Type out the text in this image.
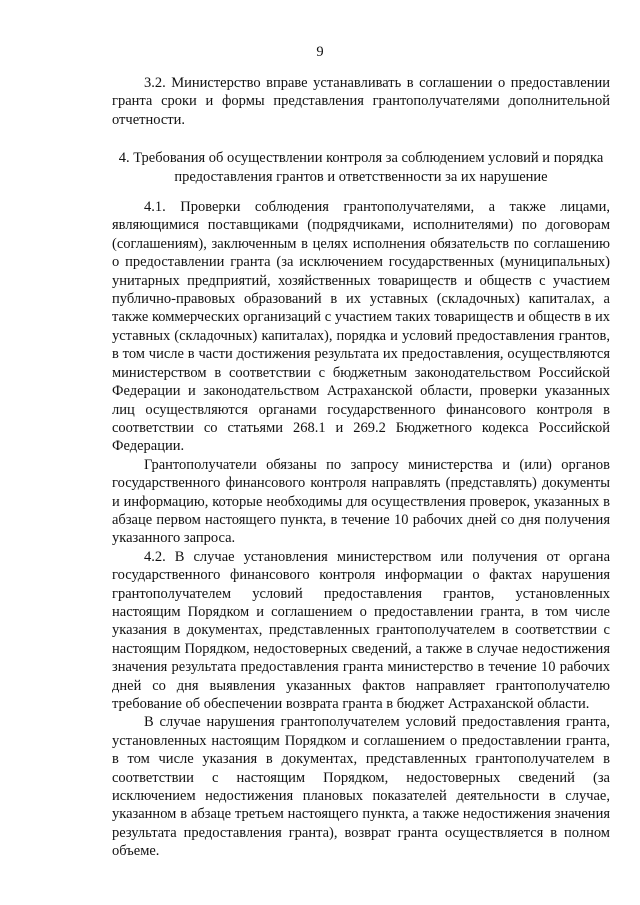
9

3.2. Министерство вправе устанавливать в соглашении о предоставлении гранта сроки и формы представления грантополучателями дополнительной отчетности.

4. Требования об осуществлении контроля за соблюдением условий и порядка предоставления грантов и ответственности за их нарушение

4.1. Проверки соблюдения грантополучателями, а также лицами, являющимися поставщиками (подрядчиками, исполнителями) по договорам (соглашениям), заключенным в целях исполнения обязательств по соглашению о предоставлении гранта (за исключением государственных (муниципальных) унитарных предприятий, хозяйственных товариществ и обществ с участием публично-правовых образований в их уставных (складочных) капиталах, а также коммерческих организаций с участием таких товариществ и обществ в их уставных (складочных) капиталах), порядка и условий предоставления грантов, в том числе в части достижения результата их предоставления, осуществляются министерством в соответствии с бюджетным законодательством Российской Федерации и законодательством Астраханской области, проверки указанных лиц осуществляются органами государственного финансового контроля в соответствии со статьями 268.1 и 269.2 Бюджетного кодекса Российской Федерации.

Грантополучатели обязаны по запросу министерства и (или) органов государственного финансового контроля направлять (представлять) документы и информацию, которые необходимы для осуществления проверок, указанных в абзаце первом настоящего пункта, в течение 10 рабочих дней со дня получения указанного запроса.

4.2. В случае установления министерством или получения от органа государственного финансового контроля информации о фактах нарушения грантополучателем условий предоставления грантов, установленных настоящим Порядком и соглашением о предоставлении гранта, в том числе указания в документах, представленных грантополучателем в соответствии с настоящим Порядком, недостоверных сведений, а также в случае недостижения значения результата предоставления гранта министерство в течение 10 рабочих дней со дня выявления указанных фактов направляет грантополучателю требование об обеспечении возврата гранта в бюджет Астраханской области.

В случае нарушения грантополучателем условий предоставления гранта, установленных настоящим Порядком и соглашением о предоставлении гранта, в том числе указания в документах, представленных грантополучателем в соответствии с настоящим Порядком, недостоверных сведений (за исключением недостижения плановых показателей деятельности в случае, указанном в абзаце третьем настоящего пункта, а также недостижения значения результата предоставления гранта), возврат гранта осуществляется в полном объеме.
